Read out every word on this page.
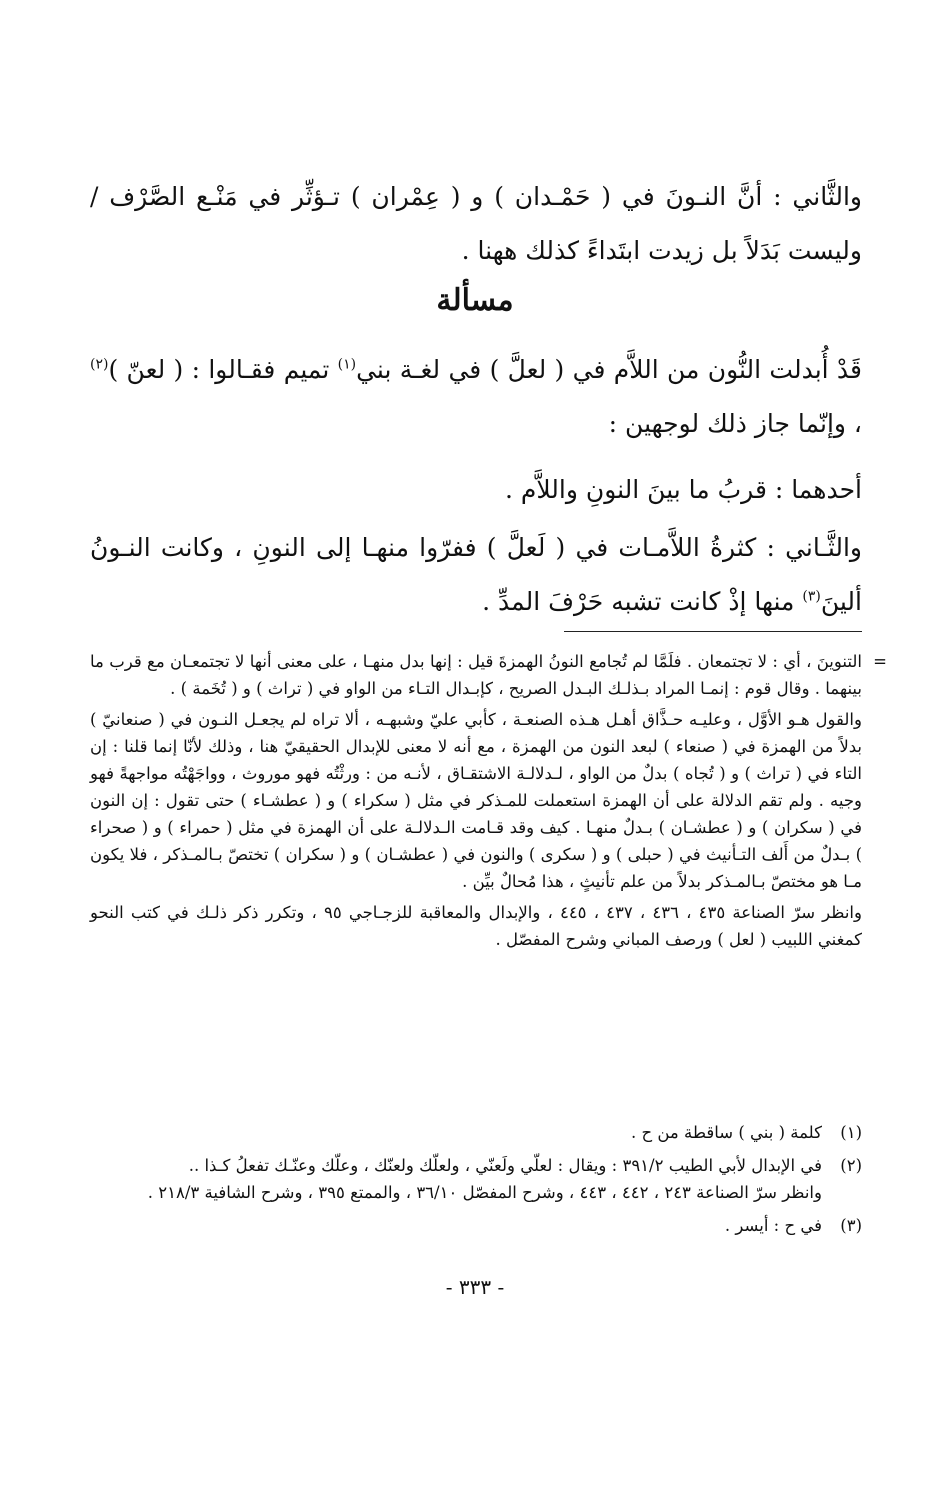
والثَّاني : أنَّ النـونَ في ( حَمْـدان ) و ( عِمْران ) تـؤثِّر في مَنْـع الصَّرْف / وليست بَدَلاً بل زيدت ابتَداءً كذلك ههنا .

مسألة

قَدْ أُبدلت النُّون من اللاَّم في ( لعلَّ ) في لغـة بني$^{(١)}$ تميم فقـالوا : ( لعنّ )$^{(٢)}$ ، وإنّما جاز ذلك لوجهين :

أحدهما : قربُ ما بينَ النونِ واللاَّم .

والثَّـاني : كثرةُ اللاَّمـات في ( لَعلَّ ) ففرّوا منهـا إلى النونِ ، وكانت النـونُ ألينَ$^{(٣)}$ منها إذْ كانت تشبه حَرْفَ المدِّ .

=

التنوينَ ، أي : لا تجتمعان . فلَمَّا لم تُجامع النونُ الهمزةَ قيل : إنها بدل منهـا ، على معنى أنها لا تجتمعـان مع قرب ما بينهما . وقال قوم : إنمـا المراد بـذلـك البـدل الصريح ، كإبـدال التـاء من الواو في ( تراث ) و ( تُخَمة ) .

والقول هـو الأوَّل ، وعليـه حـذَّاق أهـل هـذه الصنعـة ، كأبي عليّ وشبهـه ، ألا تراه لم يجعـل النـون في ( صنعانيّ ) بدلاً من الهمزة في ( صنعاء ) لبعد النون من الهمزة ، مع أنه لا معنى للإبدال الحقيقيّ هنا ، وذلك لأنّا إنما قلنا : إن التاء في ( تراث ) و ( تُجاه ) بدلٌ من الواو ، لـدلالـة الاشتقـاق ، لأنـه من : ورثْتُه فهو موروث ، وواجَهْتُه مواجهةً فهو وجيه . ولم تقم الدلالة على أن الهمزة استعملت للمـذكر في مثل ( سكراء ) و ( عطشـاء ) حتى تقول : إن النون في ( سكران ) و ( عطشـان ) بـدلٌ منهـا . كيف وقد قـامت الـدلالـة على أن الهمزة في مثل ( حمراء ) و ( صحراء ) بـدلٌ من أَلف التـأنيث في ( حبلى ) و ( سكرى ) والنون في ( عطشـان ) و ( سكران ) تختصّ بـالمـذكر ، فلا يكون مـا هو مختصّ بـالمـذكر بدلاً من علم تأنيثٍ ، هذا مُحالٌ بيِّن .

وانظر سرّ الصناعة ٤٣٥ ، ٤٣٦ ، ٤٣٧ ، ٤٤٥ ، والإبدال والمعاقبة للزجـاجي ٩٥ ، وتكرر ذكر ذلـك في كتب النحو كمغني اللبيب ( لعل ) ورصف المباني وشرح المفصّل .

(١)
كلمة ( بني ) ساقطة من ح .
(٢)
في الإبدال لأبي الطيب ٣٩١/٢ : ويقال : لعلّي ولَعنّي ، ولعلّك ولعنّك ، وعلّك وعنّـك تفعلُ كـذا ..
وانظر سرّ الصناعة ٢٤٣ ، ٤٤٢ ، ٤٤٣ ، وشرح المفصّل ٣٦/١٠ ، والممتع ٣٩٥ ، وشرح الشافية ٢١٨/٣ .
(٣)
في ح : أيسر .
- ٣٣٣ -
